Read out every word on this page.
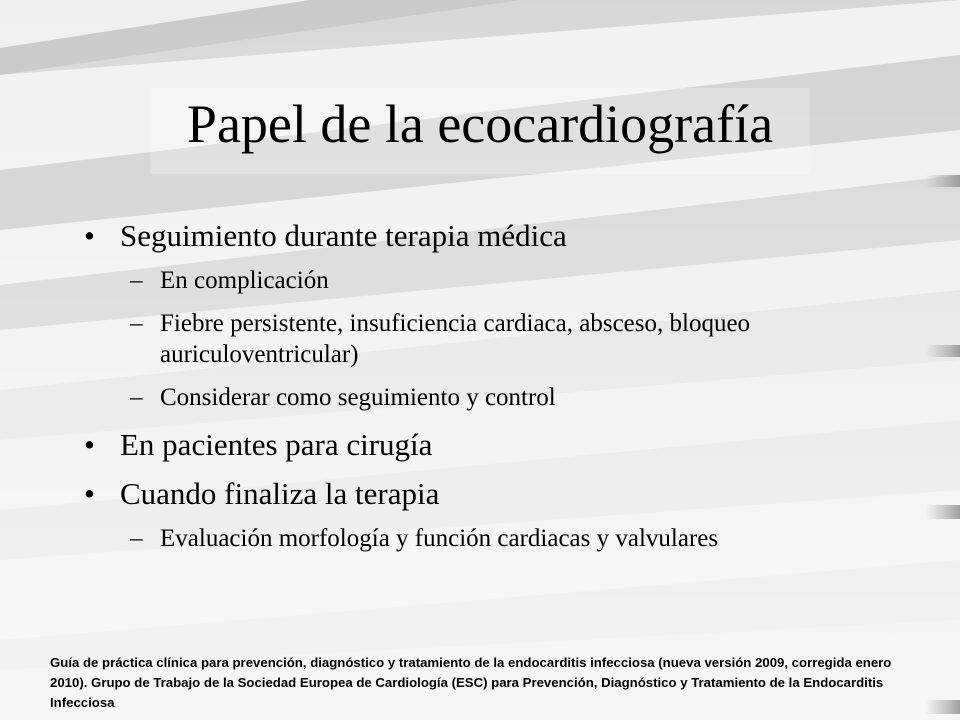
Papel de la ecocardiografía
• Seguimiento durante terapia médica
– En complicación
– Fiebre persistente, insuficiencia cardiaca, absceso, bloqueo auriculoventricular)
– Considerar como seguimiento y control
• En pacientes para cirugía
• Cuando finaliza la terapia
– Evaluación morfología y función cardiacas y valvulares
Guía de práctica clínica para prevención, diagnóstico y tratamiento de la endocarditis infecciosa (nueva versión 2009, corregida enero 2010). Grupo de Trabajo de la Sociedad Europea de Cardiología (ESC) para Prevención, Diagnóstico y Tratamiento de la Endocarditis Infecciosa
